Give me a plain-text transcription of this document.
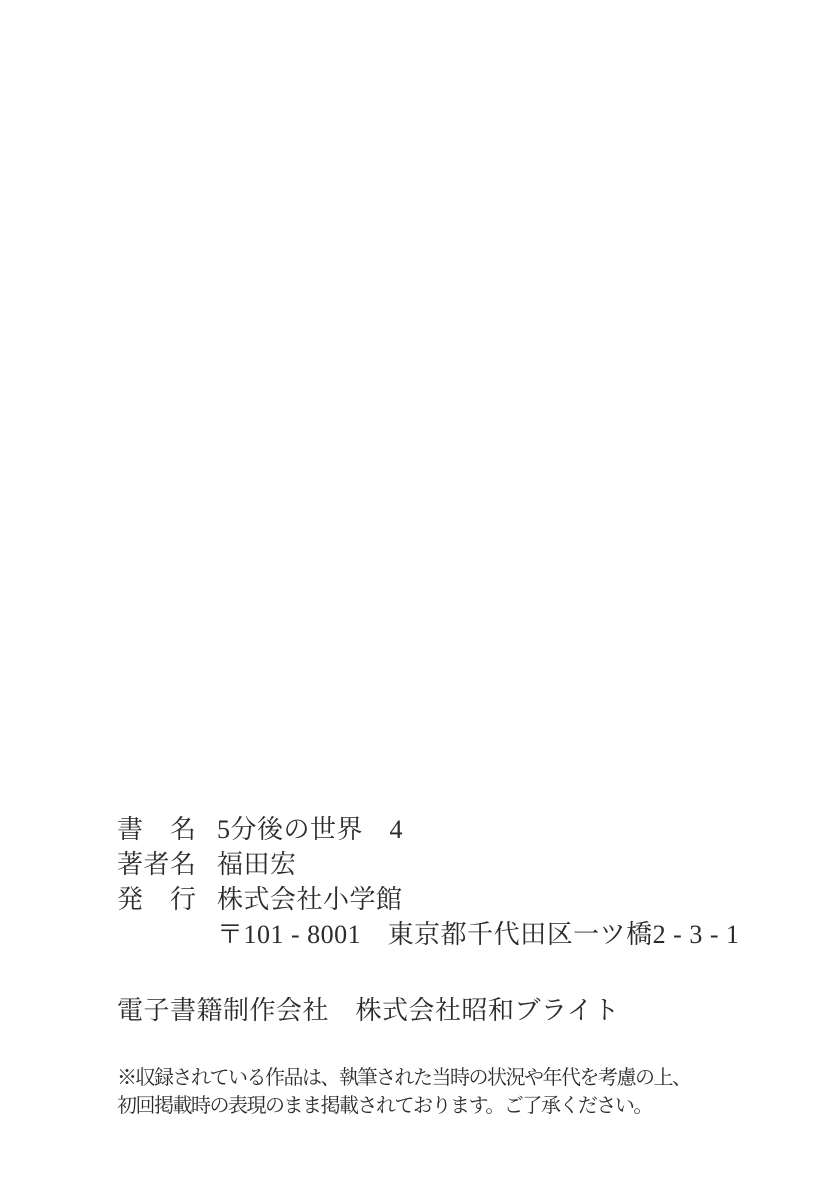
書　名 5分後の世界　4
著者名 福田宏
発　行 株式会社小学館
〒101 - 8001　東京都千代田区一ツ橋2 - 3 - 1
電子書籍制作会社　株式会社昭和ブライト
※収録されている作品は、執筆された当時の状況や年代を考慮の上、
初回掲載時の表現のまま掲載されております。ご了承ください。
